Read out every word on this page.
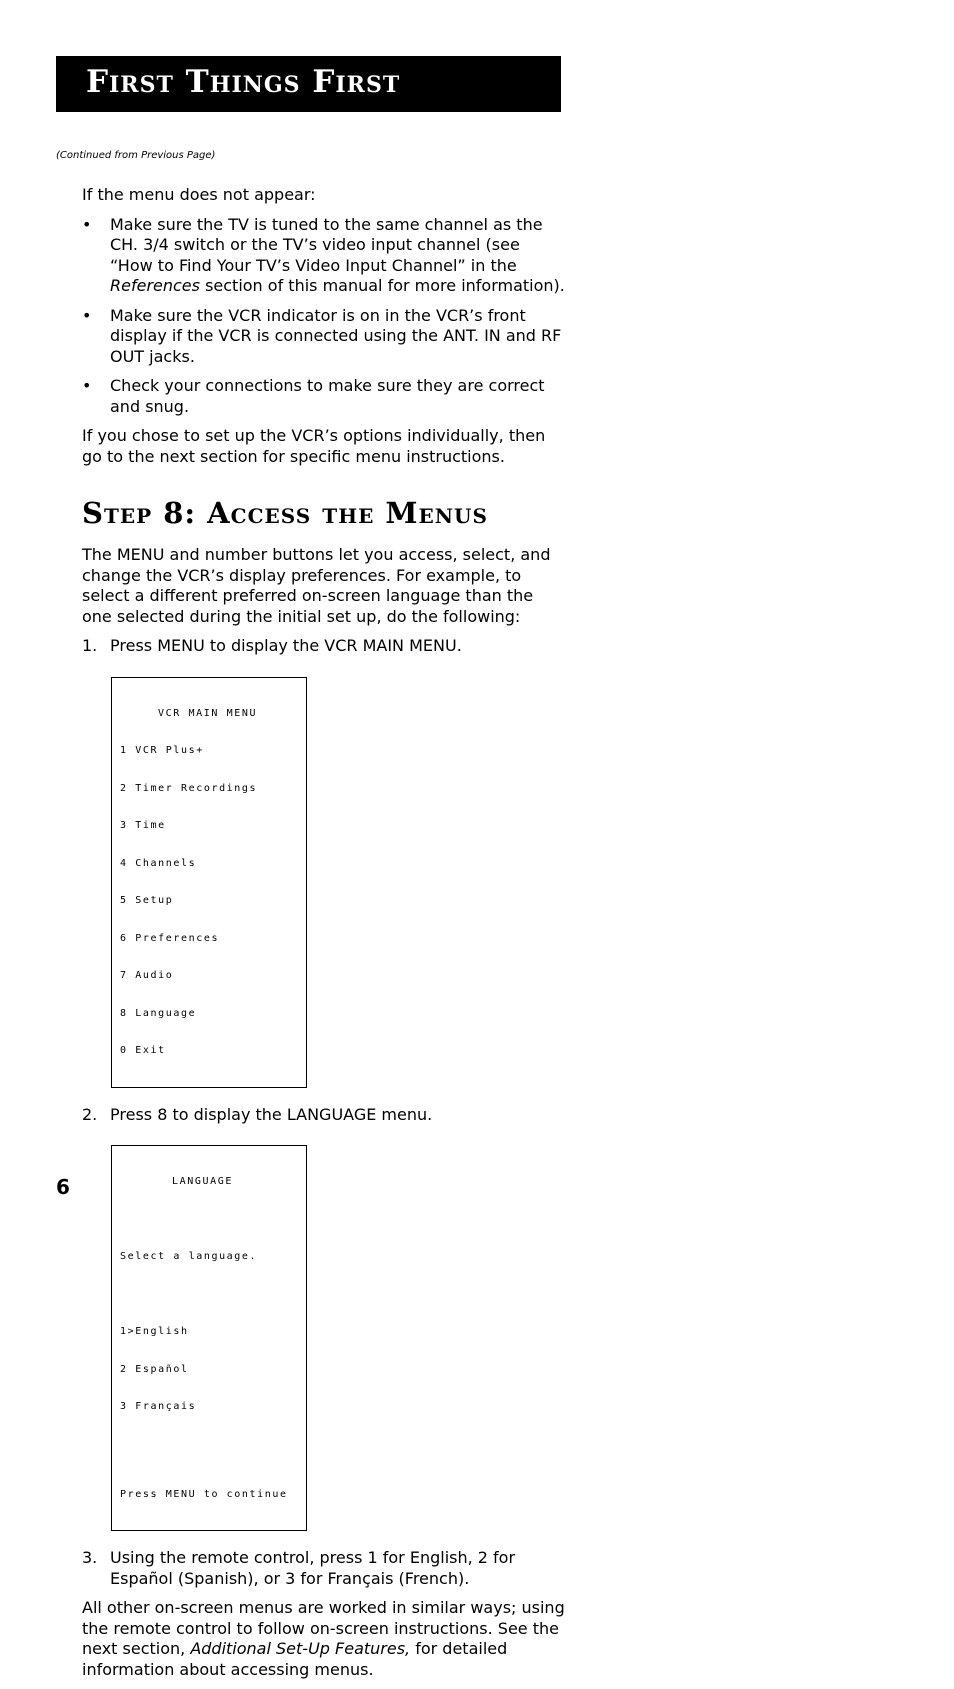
First Things First
(Continued from Previous Page)

If the menu does not appear:

• Make sure the TV is tuned to the same channel as the CH. 3/4 switch or the TV’s video input channel (see “How to Find Your TV’s Video Input Channel” in the References section of this manual for more information).
• Make sure the VCR indicator is on in the VCR’s front display if the VCR is connected using the ANT. IN and RF OUT jacks.
• Check your connections to make sure they are correct and snug.

If you chose to set up the VCR’s options individually, then go to the next section for specific menu instructions.

Step 8: Access the Menus

The MENU and number buttons let you access, select, and change the VCR’s display preferences. For example, to select a different preferred on-screen language than the one selected during the initial set up, do the following:

1. Press MENU to display the VCR MAIN MENU.

VCR MAIN MENU

1 VCR Plus+

2 Timer Recordings

3 Time

4 Channels

5 Setup

6 Preferences

7 Audio

8 Language

0 Exit

2. Press 8 to display the LANGUAGE menu.

LANGUAGE

Select a language.

1>English

2 Español

3 Français

Press MENU to continue

3. Using the remote control, press 1 for English, 2 for Español (Spanish), or 3 for Français (French).

All other on-screen menus are worked in similar ways; using the remote control to follow on-screen instructions. See the next section, Additional Set-Up Features, for detailed information about accessing menus.

6
